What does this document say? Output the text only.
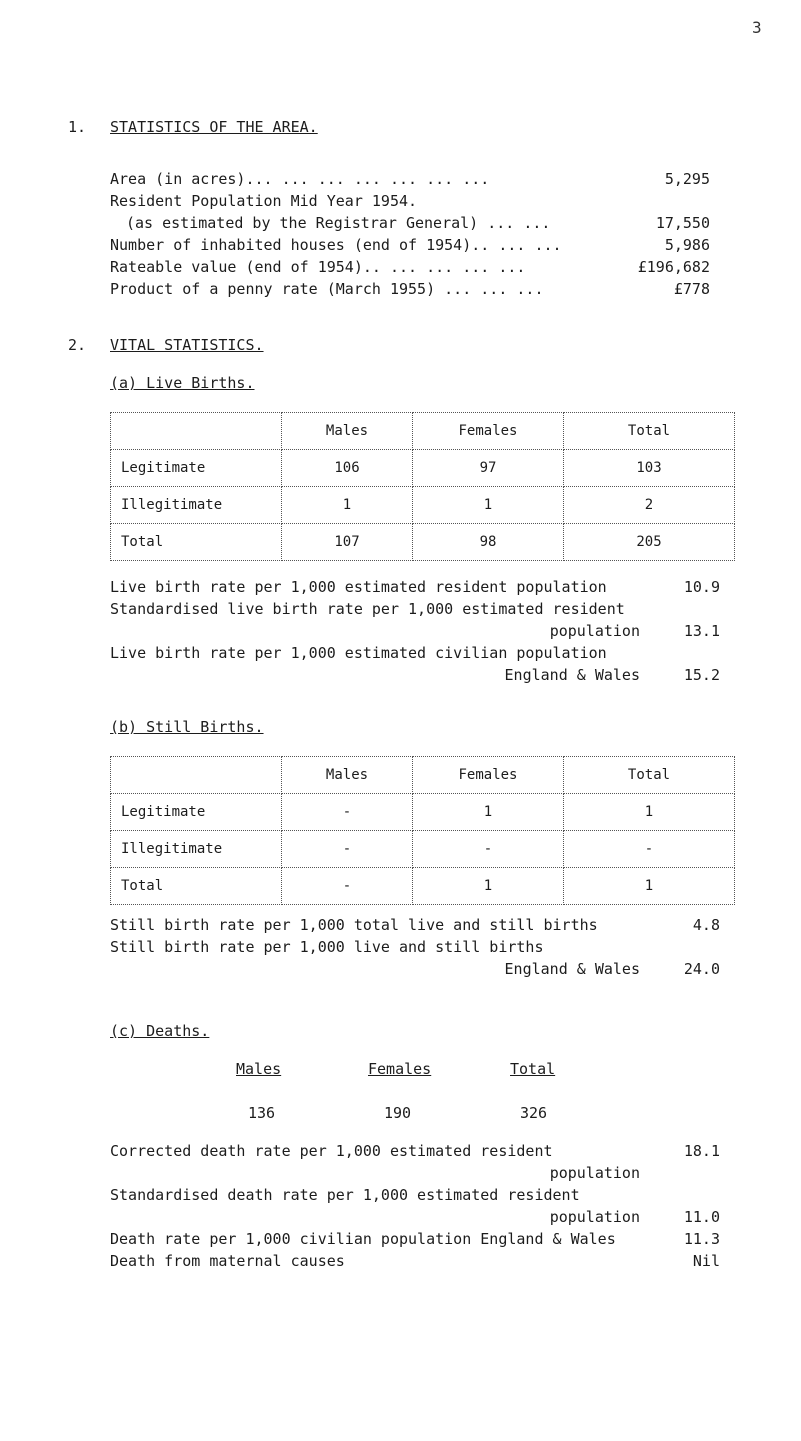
3
1. STATISTICS OF THE AREA.
Area (in acres)... ... ... ... ... ... ...	5,295
Resident Population Mid Year 1954.
(as estimated by the Registrar General) ... ...	17,550
Number of inhabited houses (end of 1954).. ... ...	5,986
Rateable value (end of 1954).. ... ... ... ...	£196,682
Product of a penny rate (March 1955) ... ... ...	£778
2. VITAL STATISTICS.
(a) Live Births.
	Males	Females	Total
Legitimate	106	97	103
Illegitimate	1	1	2
Total	107	98	205
Live birth rate per 1,000 estimated resident population	10.9
Standardised live birth rate per 1,000 estimated resident
population	13.1
Live birth rate per 1,000 estimated civilian population
England & Wales	15.2
(b) Still Births.
	Males	Females	Total
Legitimate	-	1	1
Illegitimate	-	-	-
Total	-	1	1
Still birth rate per 1,000 total live and still births	4.8
Still birth rate per 1,000 live and still births
England & Wales	24.0
(c) Deaths.
Males	Females	Total
136	190	326
Corrected death rate per 1,000 estimated resident	18.1
population
Standardised death rate per 1,000 estimated resident
population	11.0
Death rate per 1,000 civilian population England & Wales	11.3
Death from maternal causes	Nil
